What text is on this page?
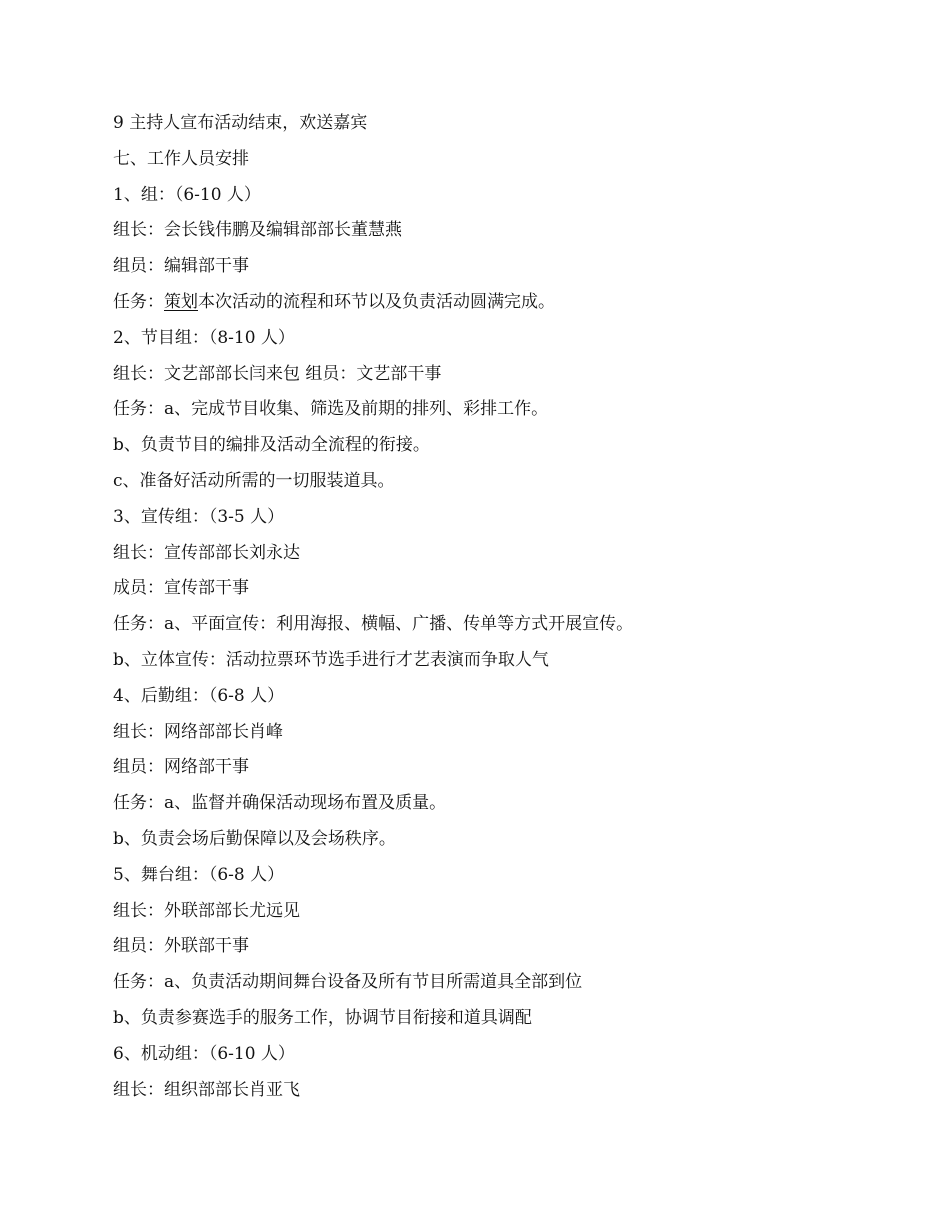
9 主持人宣布活动结束，欢送嘉宾
七、工作人员安排
1、组：（6-10 人）
组长：会长钱伟鹏及编辑部部长董慧燕
组员：编辑部干事
任务：策划本次活动的流程和环节以及负责活动圆满完成。
2、节目组：（8-10 人）
组长：文艺部部长闫来包 组员：文艺部干事
任务：a、完成节目收集、筛选及前期的排列、彩排工作。
b、负责节目的编排及活动全流程的衔接。
c、准备好活动所需的一切服装道具。
3、宣传组：（3-5 人）
组长：宣传部部长刘永达
成员：宣传部干事
任务：a、平面宣传：利用海报、横幅、广播、传单等方式开展宣传。
b、立体宣传：活动拉票环节选手进行才艺表演而争取人气
4、后勤组：（6-8 人）
组长：网络部部长肖峰
组员：网络部干事
任务：a、监督并确保活动现场布置及质量。
b、负责会场后勤保障以及会场秩序。
5、舞台组：（6-8 人）
组长：外联部部长尤远见
组员：外联部干事
任务：a、负责活动期间舞台设备及所有节目所需道具全部到位
b、负责参赛选手的服务工作，协调节目衔接和道具调配
6、机动组：（6-10 人）
组长：组织部部长肖亚飞
